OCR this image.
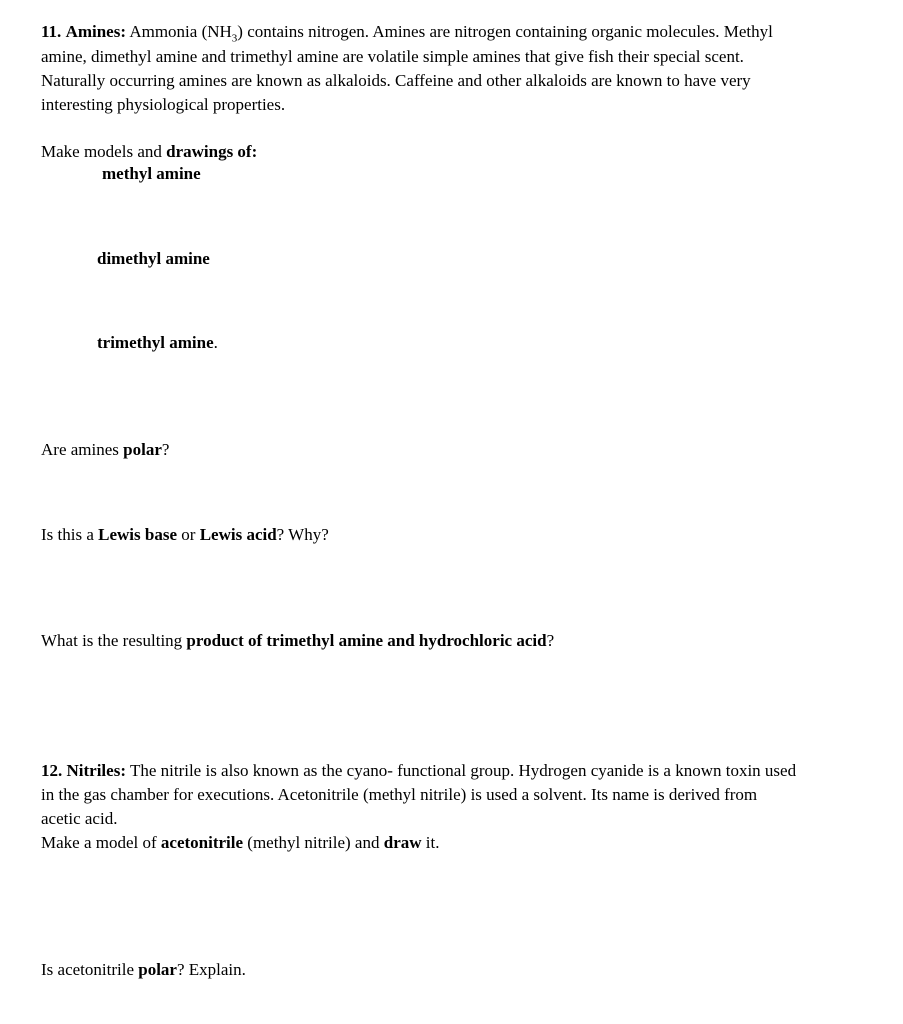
11. Amines: Ammonia $(NH_3)$ contains nitrogen. Amines are nitrogen containing organic molecules. Methyl

amine, dimethyl amine and trimethyl amine are volatile simple amines that give fish their special scent.

Naturally occurring amines are known as alkaloids. Caffeine and other alkaloids are known to have very

interesting physiological properties.

Make models and drawings of:

methyl amine

dimethyl amine

trimethyl amine.

Are amines polar?

Is this a Lewis base or Lewis acid? Why?

What is the resulting product of trimethyl amine and hydrochloric acid?

12. Nitriles: The nitrile is also known as the cyano- functional group. Hydrogen cyanide is a known toxin used

in the gas chamber for executions. Acetonitrile (methyl nitrile) is used a solvent. Its name is derived from

acetic acid.

Make a model of acetonitrile (methyl nitrile) and draw it.

Is acetonitrile polar? Explain.
